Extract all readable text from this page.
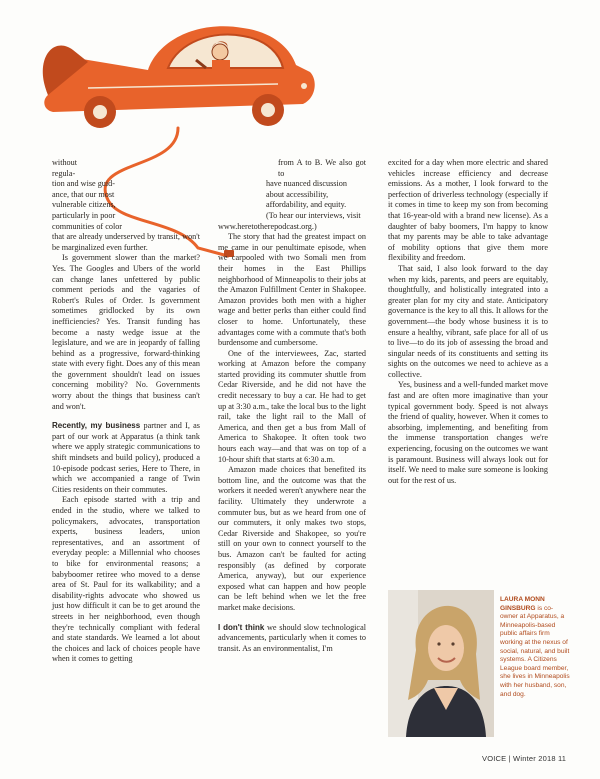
without
regula-
tion and wise guid-
ance, that our most
vulnerable citizens,
particularly in poor
communities of color
that are already underserved by transit, won't be marginalized even further.

Is government slower than the market? Yes. The Googles and Ubers of the world can change lanes unfettered by public comment periods and the vagaries of Robert's Rules of Order. Is government sometimes gridlocked by its own inefficiencies? Yes. Transit funding has become a nasty wedge issue at the legislature, and we are in jeopardy of falling behind as a progressive, forward-thinking state with every fight. Does any of this mean the government shouldn't lead on issues concerning mobility? No. Governments worry about the things that business can't and won't.

Recently, my business partner and I, as part of our work at Apparatus (a think tank where we apply strategic communications to shift mindsets and build policy), produced a 10-episode podcast series, Here to There, in which we accompanied a range of Twin Cities residents on their commutes.

Each episode started with a trip and ended in the studio, where we talked to policymakers, advocates, transportation experts, business leaders, union representatives, and an assortment of everyday people: a Millennial who chooses to bike for environmental reasons; a babyboomer retiree who moved to a dense area of St. Paul for its walkability; and a disability-rights advocate who showed us just how difficult it can be to get around the streets in her neighborhood, even though they're technically compliant with federal and state standards. We learned a lot about the choices and lack of choices people have when it comes to getting

from A to B. We also got to
have nuanced discussion
about accessibility,
affordability, and equity.
(To hear our interviews, visit
www.heretotherepodcast.org.)

The story that had the greatest impact on me came in our penultimate episode, when we carpooled with two Somali men from their homes in the East Phillips neighborhood of Minneapolis to their jobs at the Amazon Fulfillment Center in Shakopee. Amazon provides both men with a higher wage and better perks than either could find closer to home. Unfortunately, these advantages come with a commute that's both burdensome and cumbersome.

One of the interviewees, Zac, started working at Amazon before the company started providing its commuter shuttle from Cedar Riverside, and he did not have the credit necessary to buy a car. He had to get up at 3:30 a.m., take the local bus to the light rail, take the light rail to the Mall of America, and then get a bus from Mall of America to Shakopee. It often took two hours each way—and that was on top of a 10-hour shift that starts at 6:30 a.m.

Amazon made choices that benefited its bottom line, and the outcome was that the workers it needed weren't anywhere near the facility. Ultimately they underwrote a commuter bus, but as we heard from one of our commuters, it only makes two stops, Cedar Riverside and Shakopee, so you're still on your own to connect yourself to the bus. Amazon can't be faulted for acting responsibly (as defined by corporate America, anyway), but our experience exposed what can happen and how people can be left behind when we let the free market make decisions.

I don't think we should slow technological advancements, particularly when it comes to transit. As an environmentalist, I'm

excited for a day when more electric and shared vehicles increase efficiency and decrease emissions. As a mother, I look forward to the perfection of driverless technology (especially if it comes in time to keep my son from becoming that 16-year-old with a brand new license). As a daughter of baby boomers, I'm happy to know that my parents may be able to take advantage of mobility options that give them more flexibility and freedom.

That said, I also look forward to the day when my kids, parents, and peers are equitably, thoughtfully, and holistically integrated into a greater plan for my city and state. Anticipatory governance is the key to all this. It allows for the government—the body whose business it is to ensure a healthy, vibrant, safe place for all of us to live—to do its job of assessing the broad and singular needs of its constituents and setting its sights on the outcomes we need to achieve as a collective.

Yes, business and a well-funded market move fast and are often more imaginative than your typical government body. Speed is not always the friend of quality, however. When it comes to absorbing, implementing, and benefiting from the immense transportation changes we're experiencing, focusing on the outcomes we want is paramount. Business will always look out for itself. We need to make sure someone is looking out for the rest of us.

LAURA MONN GINSBURG is co-owner at Apparatus, a Minneapolis-based public affairs firm working at the nexus of social, natural, and built systems. A Citizens League board member, she lives in Minneapolis with her husband, son, and dog.
VOICE | Winter 2018 11
